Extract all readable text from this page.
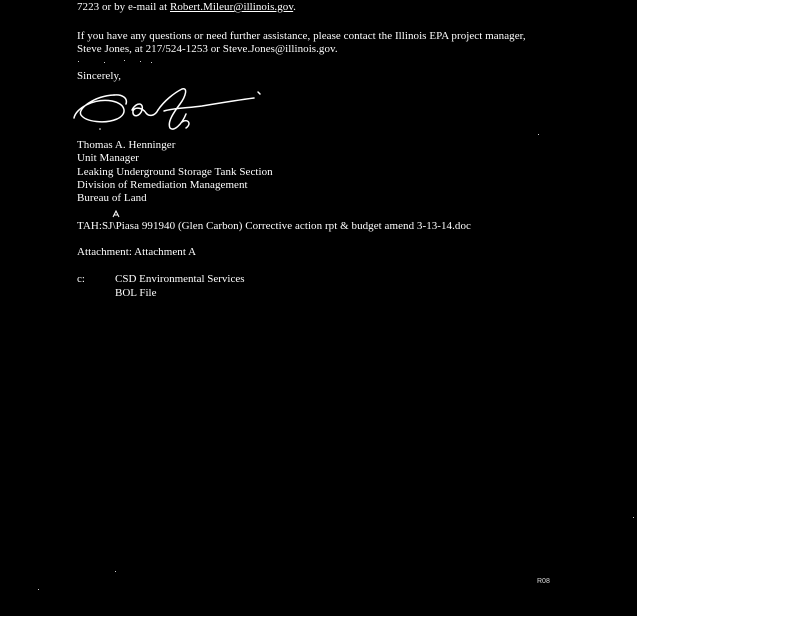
7223 or by e-mail at Robert.Mileur@illinois.gov.
If you have any questions or need further assistance, please contact the Illinois EPA project manager,
Steve Jones, at 217/524-1253 or Steve.Jones@illinois.gov.
Sincerely,
Thomas A. Henninger
Unit Manager
Leaking Underground Storage Tank Section
Division of Remediation Management
Bureau of Land
TAH:SJ\Piasa 991940 (Glen Carbon) Corrective action rpt & budget amend 3-13-14.doc
Attachment: Attachment A
c:	CSD Environmental Services
BOL File
R08
